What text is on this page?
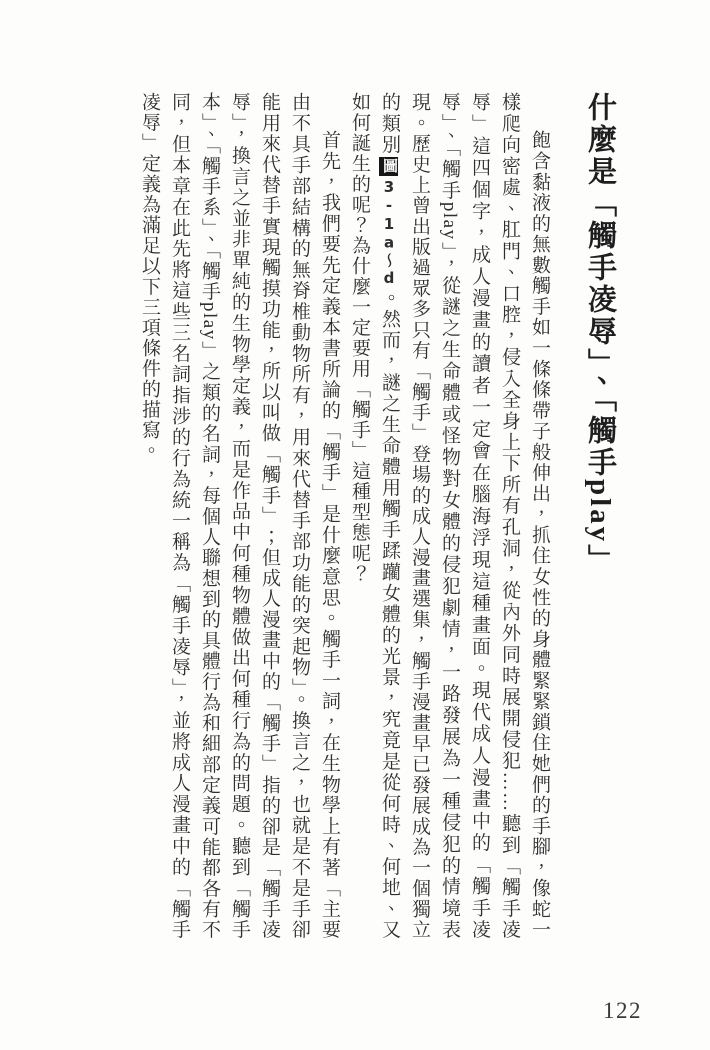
什麼是「觸手凌辱」、「觸手play」

飽含黏液的無數觸手如一條條帶子般伸出，抓住女性的身體緊緊鎖住她們的手腳，像蛇一樣爬向密處、肛門、口腔，侵入全身上下所有孔洞，從內外同時展開侵犯……聽到「觸手凌辱」這四個字，成人漫畫的讀者一定會在腦海浮現這種畫面。現代成人漫畫中的「觸手凌辱」、「觸手play」，從謎之生命體或怪物對女體的侵犯劇情，一路發展為一種侵犯的情境表現。歷史上曾出版過眾多只有「觸手」登場的成人漫畫選集，觸手漫畫早已發展成為一個獨立的類別圖3-1a～d。然而，謎之生命體用觸手蹂躪女體的光景，究竟是從何時、何地、又如何誕生的呢？為什麼一定要用「觸手」這種型態呢？

首先，我們要先定義本書所論的「觸手」是什麼意思。觸手一詞，在生物學上有著「主要由不具手部結構的無脊椎動物所有，用來代替手部功能的突起物」。換言之，也就是不是手卻能用來代替手實現觸摸功能，所以叫做「觸手」；但成人漫畫中的「觸手」指的卻是「觸手凌辱」，換言之並非單純的生物學定義，而是作品中何種物體做出何種行為的問題。聽到「觸手本」、「觸手系」、「觸手play」之類的名詞，每個人聯想到的具體行為和細部定義可能都各有不同，但本章在此先將這些三名詞指涉的行為統一稱為「觸手凌辱」，並將成人漫畫中的「觸手凌辱」定義為滿足以下三項條件的描寫。

122
